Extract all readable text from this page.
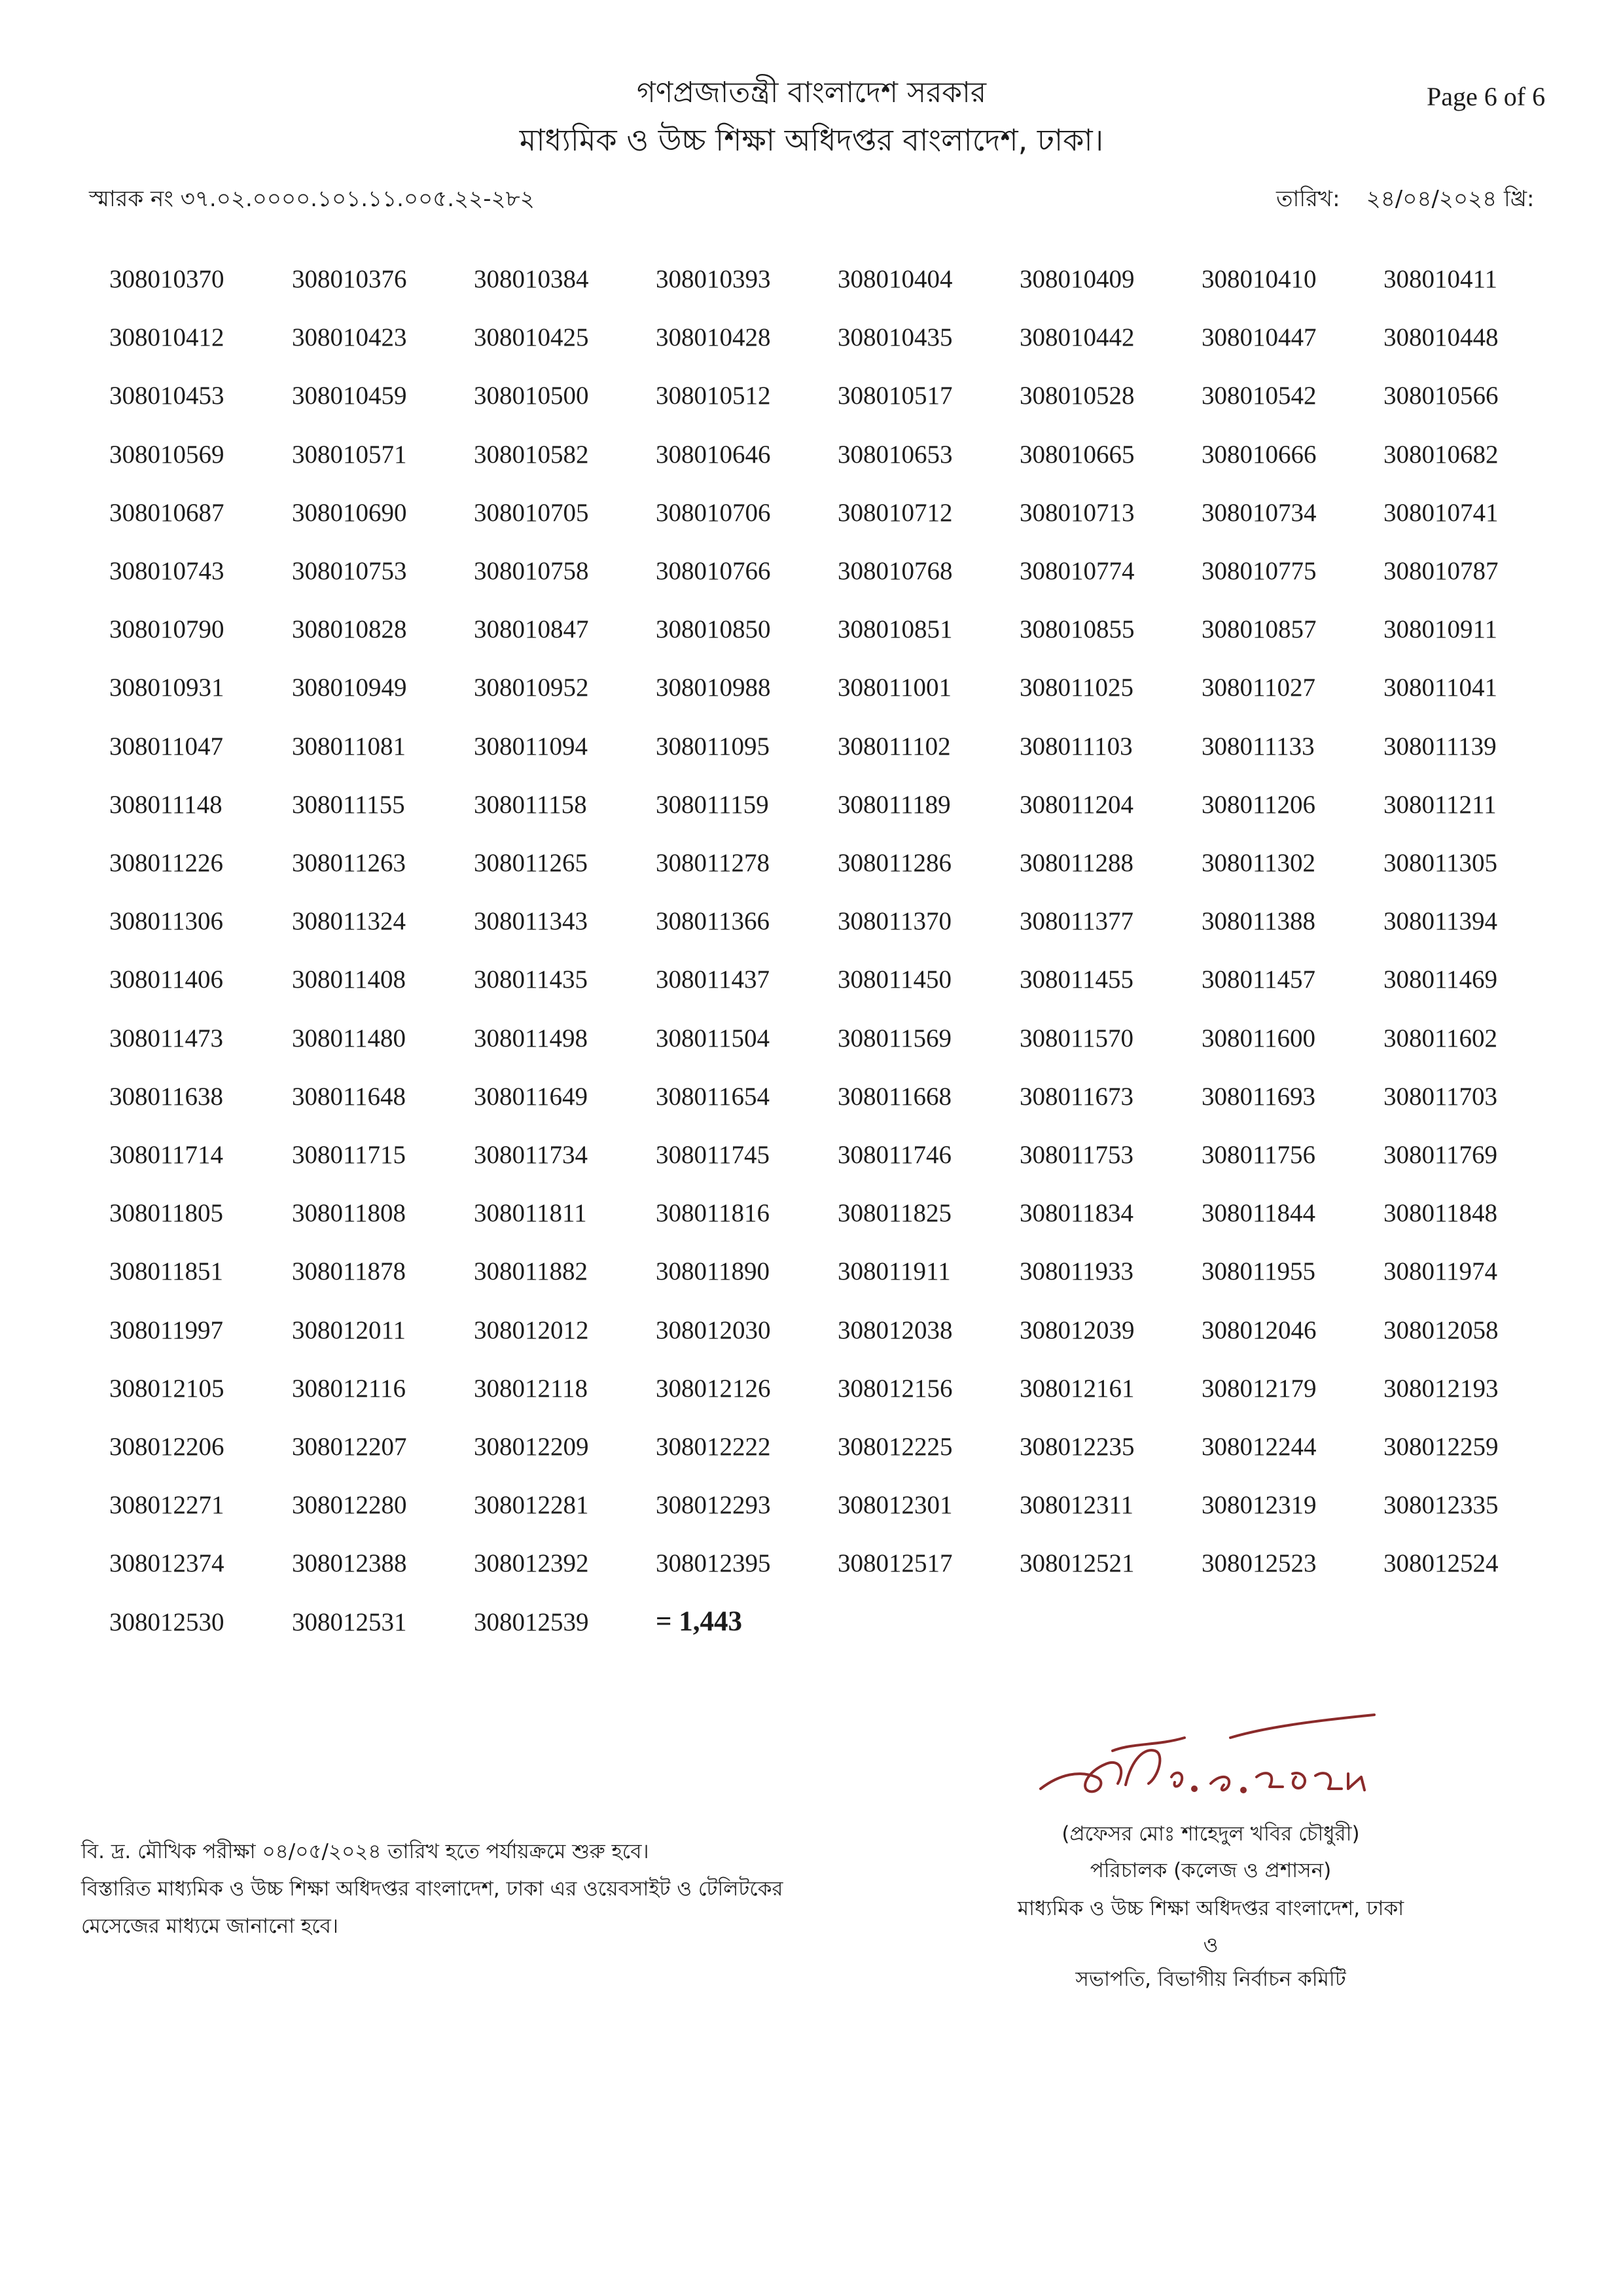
গণপ্রজাতন্ত্রী বাংলাদেশ সরকার
মাধ্যমিক ও উচ্চ শিক্ষা অধিদপ্তর বাংলাদেশ, ঢাকা।
Page 6 of 6
স্মারক নং ৩৭.০২.০০০০.১০১.১১.০০৫.২২-২৮২	তারিখ: ২৪/০৪/২০২৪ খ্রি:
308010370	308010376	308010384	308010393	308010404	308010409	308010410	308010411
308010412	308010423	308010425	308010428	308010435	308010442	308010447	308010448
308010453	308010459	308010500	308010512	308010517	308010528	308010542	308010566
308010569	308010571	308010582	308010646	308010653	308010665	308010666	308010682
308010687	308010690	308010705	308010706	308010712	308010713	308010734	308010741
308010743	308010753	308010758	308010766	308010768	308010774	308010775	308010787
308010790	308010828	308010847	308010850	308010851	308010855	308010857	308010911
308010931	308010949	308010952	308010988	308011001	308011025	308011027	308011041
308011047	308011081	308011094	308011095	308011102	308011103	308011133	308011139
308011148	308011155	308011158	308011159	308011189	308011204	308011206	308011211
308011226	308011263	308011265	308011278	308011286	308011288	308011302	308011305
308011306	308011324	308011343	308011366	308011370	308011377	308011388	308011394
308011406	308011408	308011435	308011437	308011450	308011455	308011457	308011469
308011473	308011480	308011498	308011504	308011569	308011570	308011600	308011602
308011638	308011648	308011649	308011654	308011668	308011673	308011693	308011703
308011714	308011715	308011734	308011745	308011746	308011753	308011756	308011769
308011805	308011808	308011811	308011816	308011825	308011834	308011844	308011848
308011851	308011878	308011882	308011890	308011911	308011933	308011955	308011974
308011997	308012011	308012012	308012030	308012038	308012039	308012046	308012058
308012105	308012116	308012118	308012126	308012156	308012161	308012179	308012193
308012206	308012207	308012209	308012222	308012225	308012235	308012244	308012259
308012271	308012280	308012281	308012293	308012301	308012311	308012319	308012335
308012374	308012388	308012392	308012395	308012517	308012521	308012523	308012524
308012530	308012531	308012539 = 1,443
বি. দ্র. মৌখিক পরীক্ষা ০৪/০৫/২০২৪ তারিখ হতে পর্যায়ক্রমে শুরু হবে।
বিস্তারিত মাধ্যমিক ও উচ্চ শিক্ষা অধিদপ্তর বাংলাদেশ, ঢাকা এর ওয়েবসাইট ও টেলিটকের
মেসেজের মাধ্যমে জানানো হবে।
(প্রফেসর মোঃ শাহেদুল খবির চৌধুরী)
পরিচালক (কলেজ ও প্রশাসন)
মাধ্যমিক ও উচ্চ শিক্ষা অধিদপ্তর বাংলাদেশ, ঢাকা
ও
সভাপতি, বিভাগীয় নির্বাচন কমিটি
